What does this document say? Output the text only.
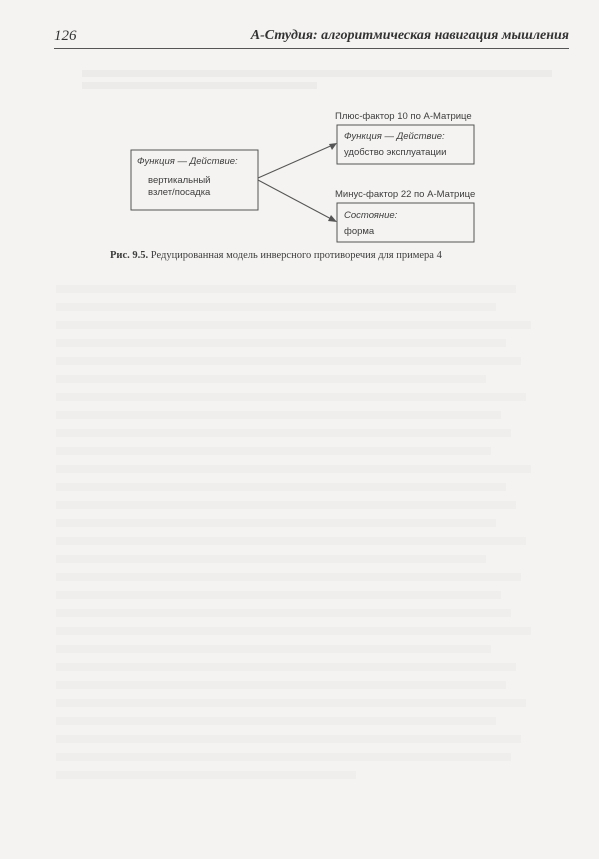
126	А-Студия: алгоритмическая навигация мышления
Функция — Действие:
вертикальный
взлет/посадка
Плюс-фактор 10 по А-Матрице
Функция — Действие:
удобство эксплуатации
Минус-фактор 22 по А-Матрице
Состояние:
форма
Рис. 9.5. Редуцированная модель инверсного противоречия для примера 4
